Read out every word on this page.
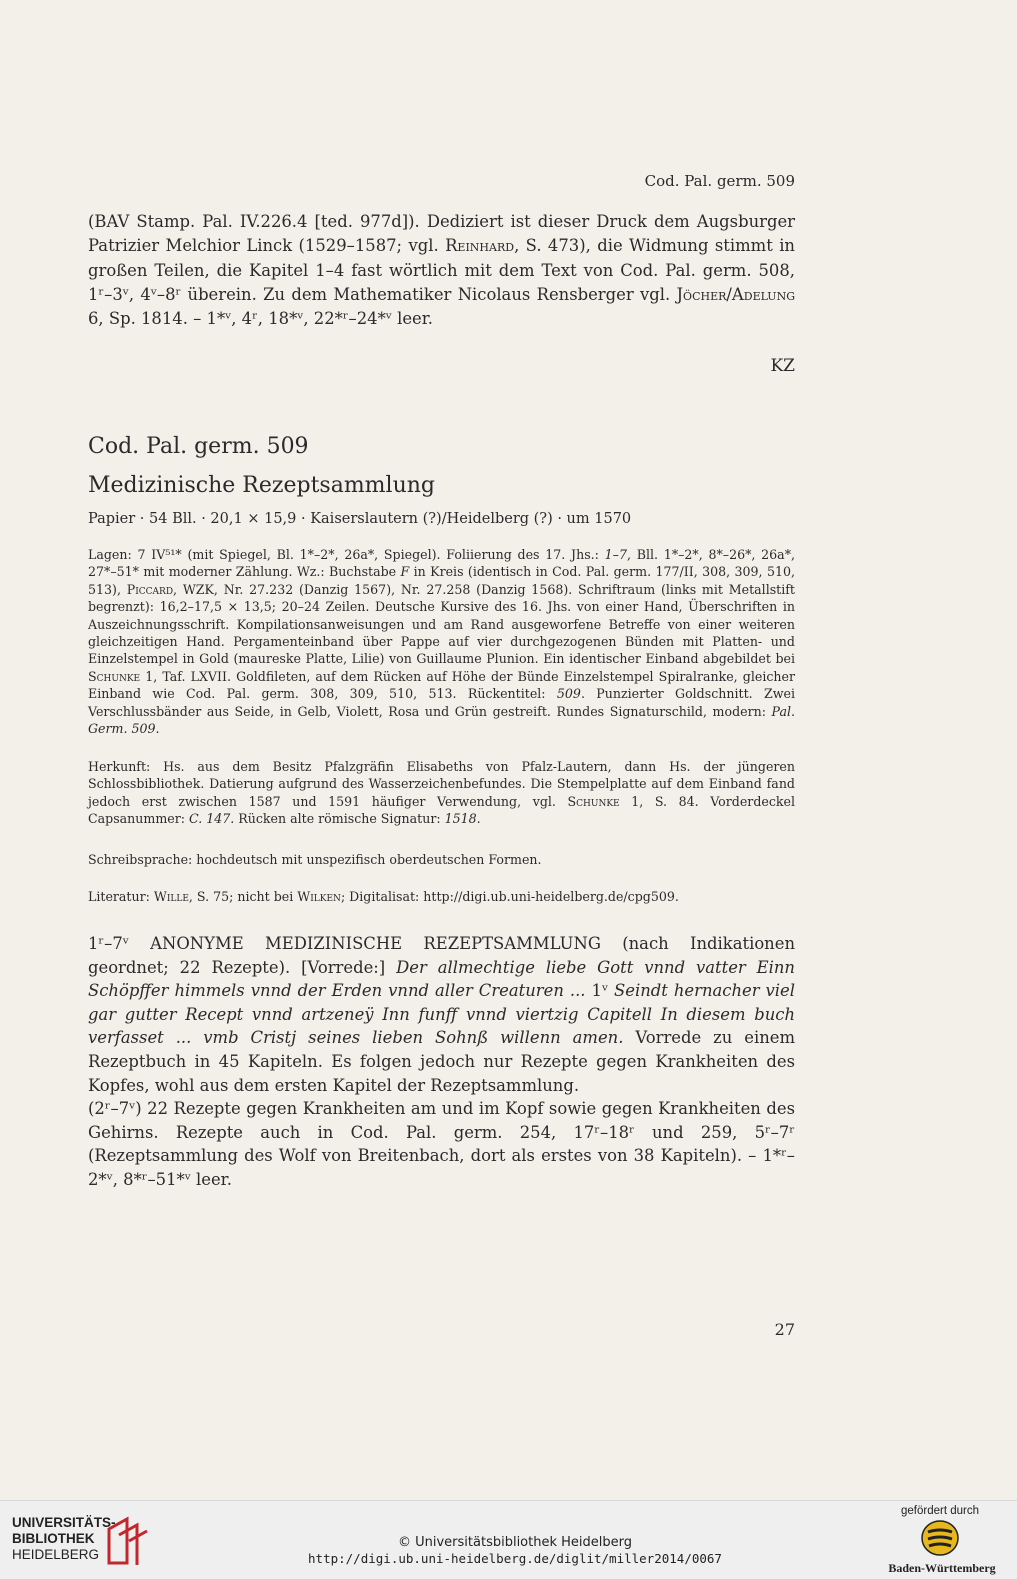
Cod. Pal. germ. 509
(BAV Stamp. Pal. IV.226.4 [ted. 977d]). Dediziert ist dieser Druck dem Augsburger Patrizier Melchior Linck (1529–1587; vgl. Reinhard, S. 473), die Widmung stimmt in großen Teilen, die Kapitel 1–4 fast wörtlich mit dem Text von Cod. Pal. germ. 508, 1ʳ–3ᵛ, 4ᵛ–8ʳ überein. Zu dem Mathematiker Nicolaus Rensberger vgl. Jöcher/Adelung 6, Sp. 1814. – 1*ᵛ, 4ʳ, 18*ᵛ, 22*ʳ–24*ᵛ leer.
KZ
Cod. Pal. germ. 509
Medizinische Rezeptsammlung
Papier · 54 Bll. · 20,1 × 15,9 · Kaiserslautern (?)/Heidelberg (?) · um 1570
Lagen: 7 IV⁵¹* (mit Spiegel, Bl. 1*–2*, 26a*, Spiegel). Foliierung des 17. Jhs.: 1–7, Bll. 1*–2*, 8*–26*, 26a*, 27*–51* mit moderner Zählung. Wz.: Buchstabe F in Kreis (identisch in Cod. Pal. germ. 177/II, 308, 309, 510, 513), Piccard, WZK, Nr. 27.232 (Danzig 1567), Nr. 27.258 (Danzig 1568). Schriftraum (links mit Metallstift begrenzt): 16,2–17,5 × 13,5; 20–24 Zeilen. Deutsche Kursive des 16. Jhs. von einer Hand, Überschriften in Auszeichnungsschrift. Kompilationsanweisungen und am Rand ausgeworfene Betreffe von einer weiteren gleichzeitigen Hand. Pergamenteinband über Pappe auf vier durchgezogenen Bünden mit Platten- und Einzelstempel in Gold (maureske Platte, Lilie) von Guillaume Plunion. Ein identischer Einband abgebildet bei Schunke 1, Taf. LXVII. Goldfileten, auf dem Rücken auf Höhe der Bünde Einzelstempel Spiralranke, gleicher Einband wie Cod. Pal. germ. 308, 309, 510, 513. Rückentitel: 509. Punzierter Goldschnitt. Zwei Verschlussbänder aus Seide, in Gelb, Violett, Rosa und Grün gestreift. Rundes Signaturschild, modern: Pal. Germ. 509.
Herkunft: Hs. aus dem Besitz Pfalzgräfin Elisabeths von Pfalz-Lautern, dann Hs. der jüngeren Schlossbibliothek. Datierung aufgrund des Wasserzeichenbefundes. Die Stempelplatte auf dem Einband fand jedoch erst zwischen 1587 und 1591 häufiger Verwendung, vgl. Schunke 1, S. 84. Vorderdeckel Capsanummer: C. 147. Rücken alte römische Signatur: 1518.
Schreibsprache: hochdeutsch mit unspezifisch oberdeutschen Formen.
Literatur: Wille, S. 75; nicht bei Wilken; Digitalisat: http://digi.ub.uni-heidelberg.de/cpg509.
1ʳ–7ᵛ ANONYME MEDIZINISCHE REZEPTSAMMLUNG (nach Indikationen geordnet; 22 Rezepte). [Vorrede:] Der allmechtige liebe Gott vnnd vatter Einn Schöpffer himmels vnnd der Erden vnnd aller Creaturen ... 1ᵛ Seindt hernacher viel gar gutter Recept vnnd artzeneÿ Inn funff vnnd viertzig Capitell In diesem buch verfasset ... vmb Cristj seines lieben Sohnß willenn amen. Vorrede zu einem Rezeptbuch in 45 Kapiteln. Es folgen jedoch nur Rezepte gegen Krankheiten des Kopfes, wohl aus dem ersten Kapitel der Rezeptsammlung.
(2ʳ–7ᵛ) 22 Rezepte gegen Krankheiten am und im Kopf sowie gegen Krankheiten des Gehirns. Rezepte auch in Cod. Pal. germ. 254, 17ʳ–18ʳ und 259, 5ʳ–7ʳ (Rezeptsammlung des Wolf von Breitenbach, dort als erstes von 38 Kapiteln). – 1*ʳ–2*ᵛ, 8*ʳ–51*ᵛ leer.
27
UNIVERSITÄTS-
BIBLIOTHEK
HEIDELBERG
gefördert durch
Baden-Württemberg
© Universitätsbibliothek Heidelberg
http://digi.ub.uni-heidelberg.de/diglit/miller2014/0067
